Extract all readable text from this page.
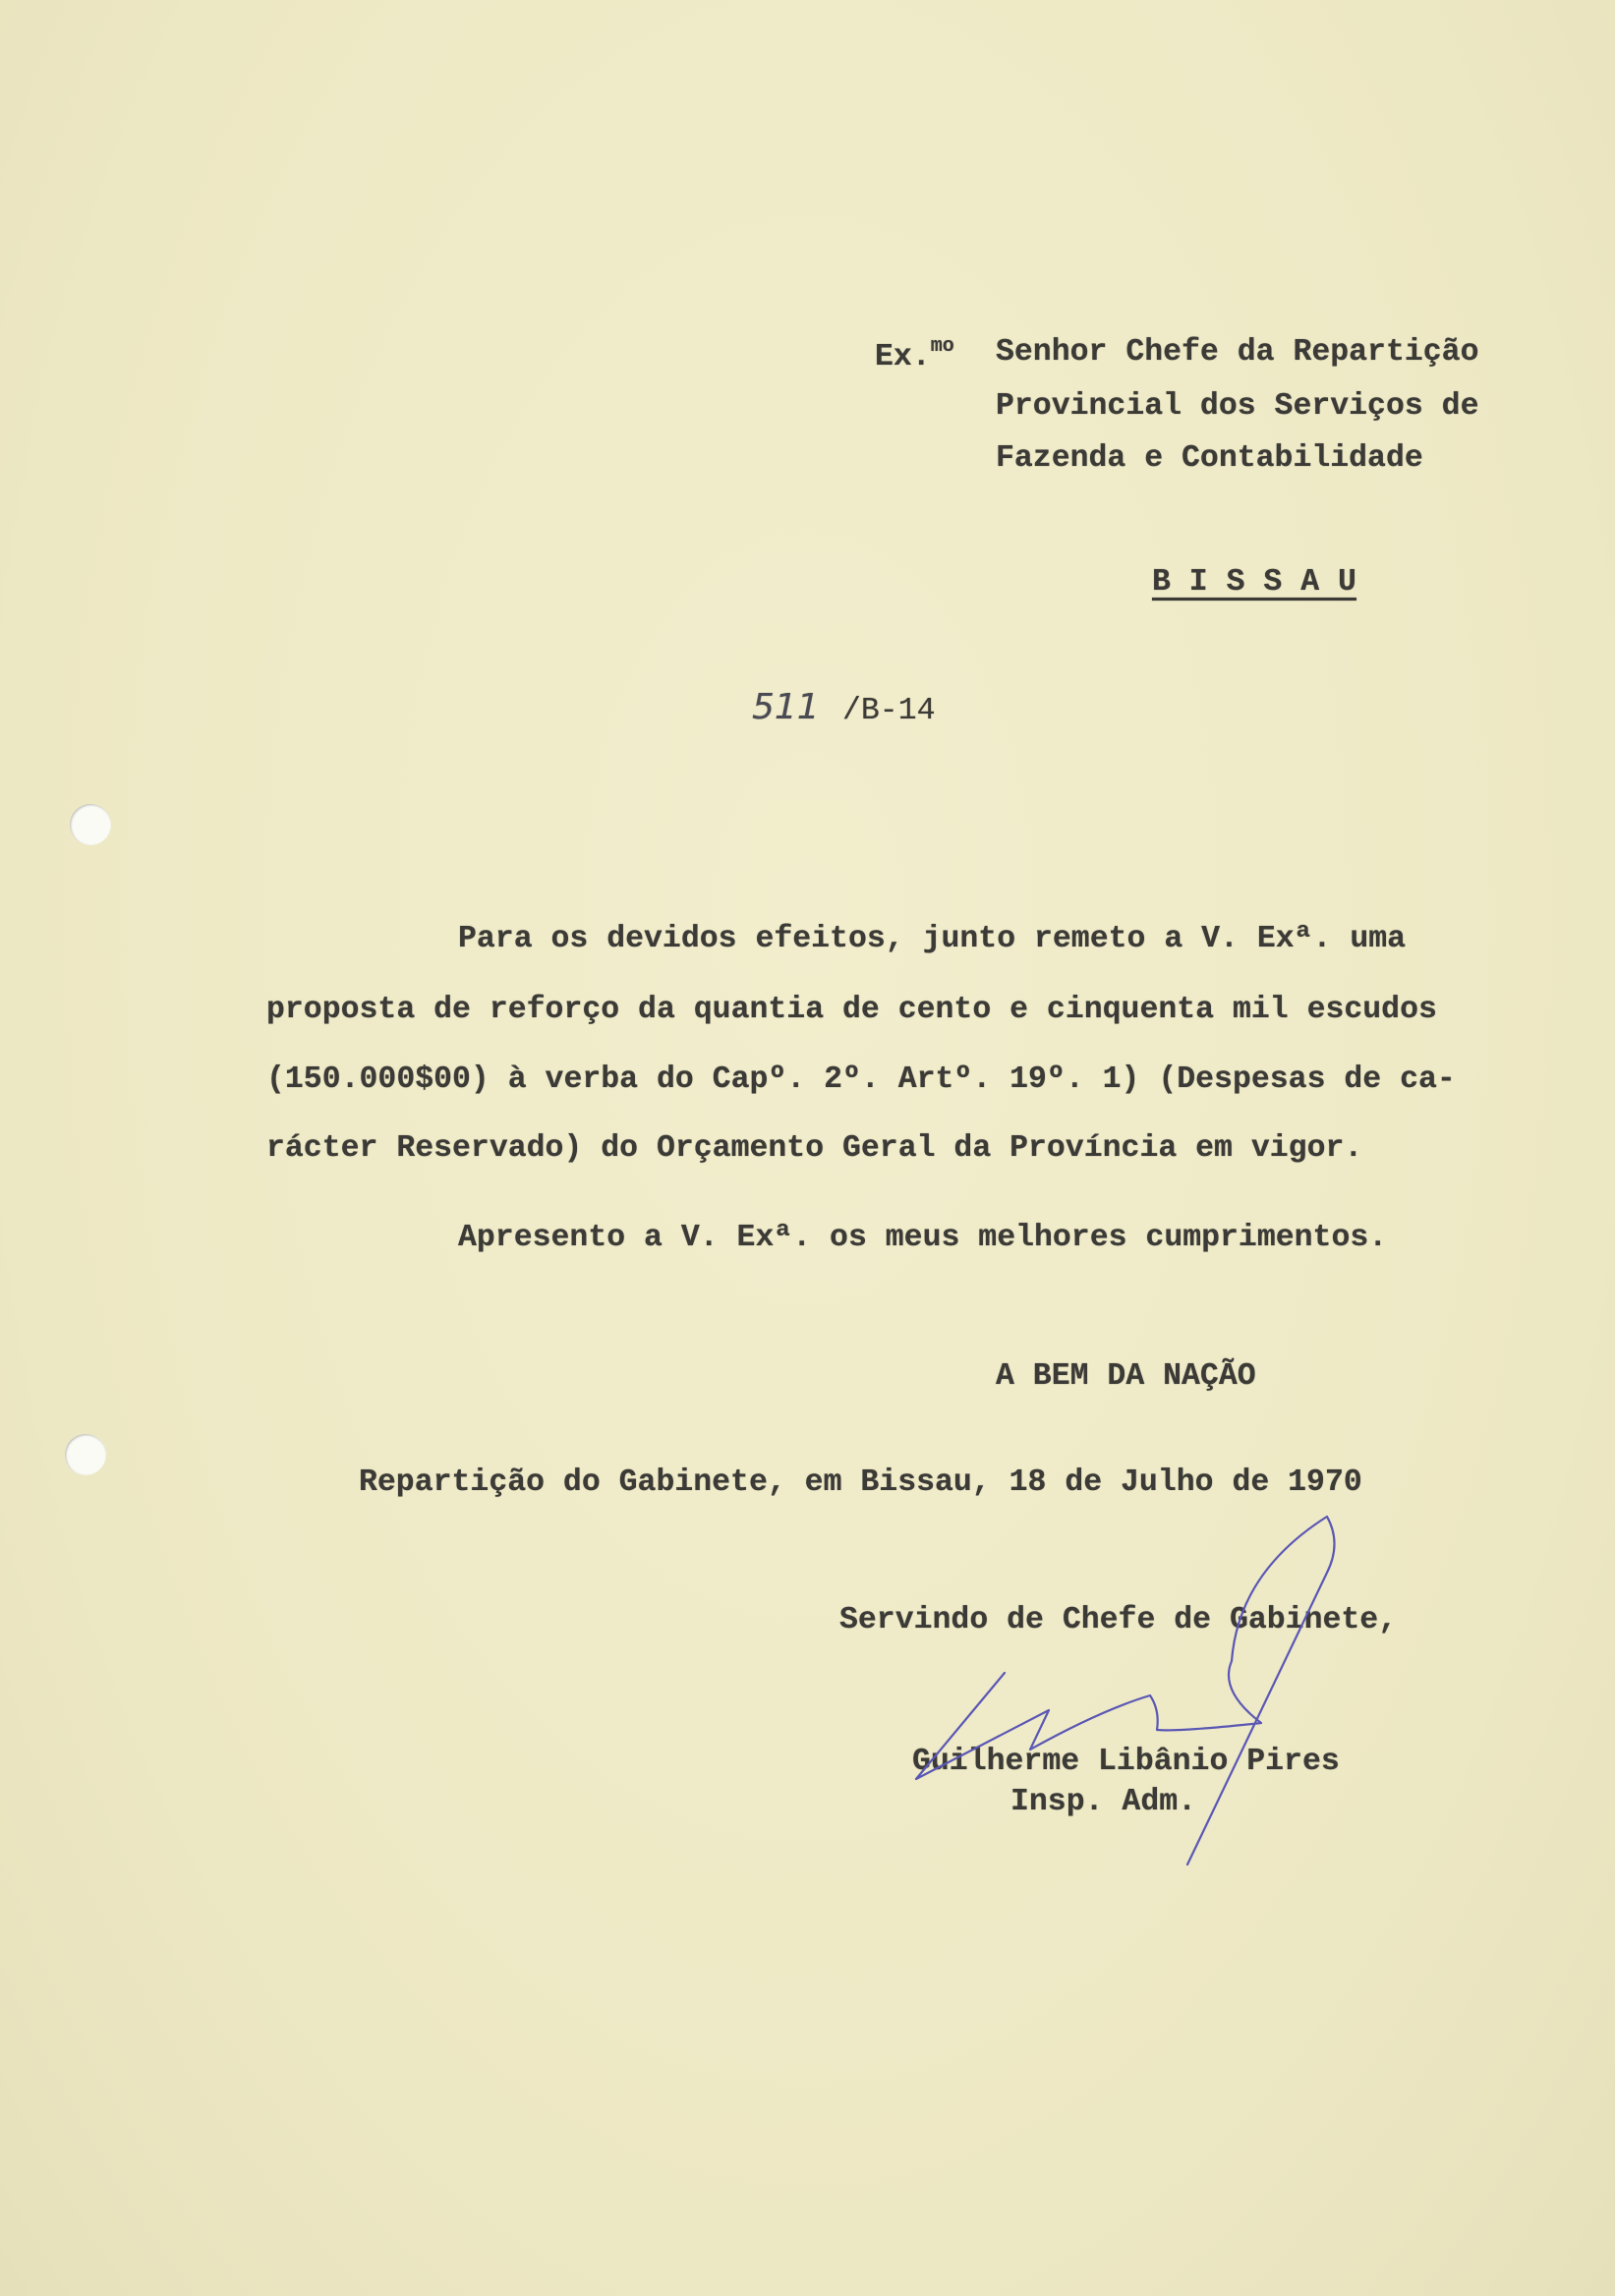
Ex.$^{mo}$ Senhor Chefe da Repartição
Provincial dos Serviços de
Fazenda e Contabilidade
B I S S A U
511 /B-14
Para os devidos efeitos, junto remeto a V. Exª. uma
proposta de reforço da quantia de cento e cinquenta mil escudos
(150.000$00) à verba do Capº. 2º. Artº. 19º. 1) (Despesas de ca-
rácter Reservado) do Orçamento Geral da Província em vigor.
Apresento a V. Exª. os meus melhores cumprimentos.
A BEM DA NAÇÃO
Repartição do Gabinete, em Bissau, 18 de Julho de 1970
Servindo de Chefe de Gabinete,
Guilherme Libânio Pires
Insp. Adm.
